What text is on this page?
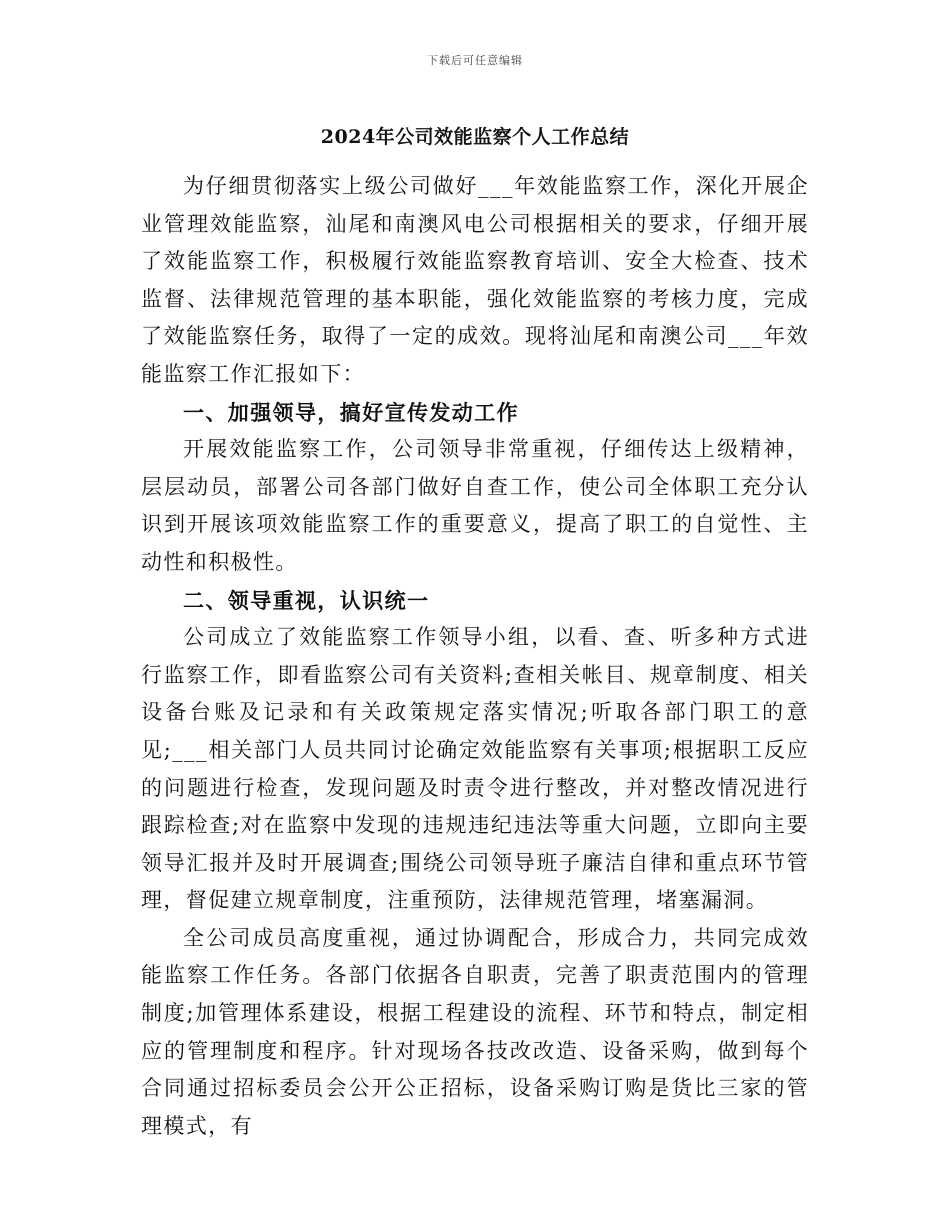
下载后可任意编辑
2024年公司效能监察个人工作总结

为仔细贯彻落实上级公司做好___年效能监察工作，深化开展企业管理效能监察，汕尾和南澳风电公司根据相关的要求，仔细开展了效能监察工作，积极履行效能监察教育培训、安全大检查、技术监督、法律规范管理的基本职能，强化效能监察的考核力度，完成了效能监察任务，取得了一定的成效。现将汕尾和南澳公司___年效能监察工作汇报如下：

一、加强领导，搞好宣传发动工作

开展效能监察工作，公司领导非常重视，仔细传达上级精神，层层动员，部署公司各部门做好自查工作，使公司全体职工充分认识到开展该项效能监察工作的重要意义，提高了职工的自觉性、主动性和积极性。

二、领导重视，认识统一

公司成立了效能监察工作领导小组，以看、查、听多种方式进行监察工作，即看监察公司有关资料;查相关帐目、规章制度、相关设备台账及记录和有关政策规定落实情况;听取各部门职工的意见;___相关部门人员共同讨论确定效能监察有关事项;根据职工反应的问题进行检查，发现问题及时责令进行整改，并对整改情况进行跟踪检查;对在监察中发现的违规违纪违法等重大问题，立即向主要领导汇报并及时开展调查;围绕公司领导班子廉洁自律和重点环节管理，督促建立规章制度，注重预防，法律规范管理，堵塞漏洞。

全公司成员高度重视，通过协调配合，形成合力，共同完成效能监察工作任务。各部门依据各自职责，完善了职责范围内的管理制度;加管理体系建设，根据工程建设的流程、环节和特点，制定相应的管理制度和程序。针对现场各技改改造、设备采购，做到每个合同通过招标委员会公开公正招标，设备采购订购是货比三家的管理模式，有
